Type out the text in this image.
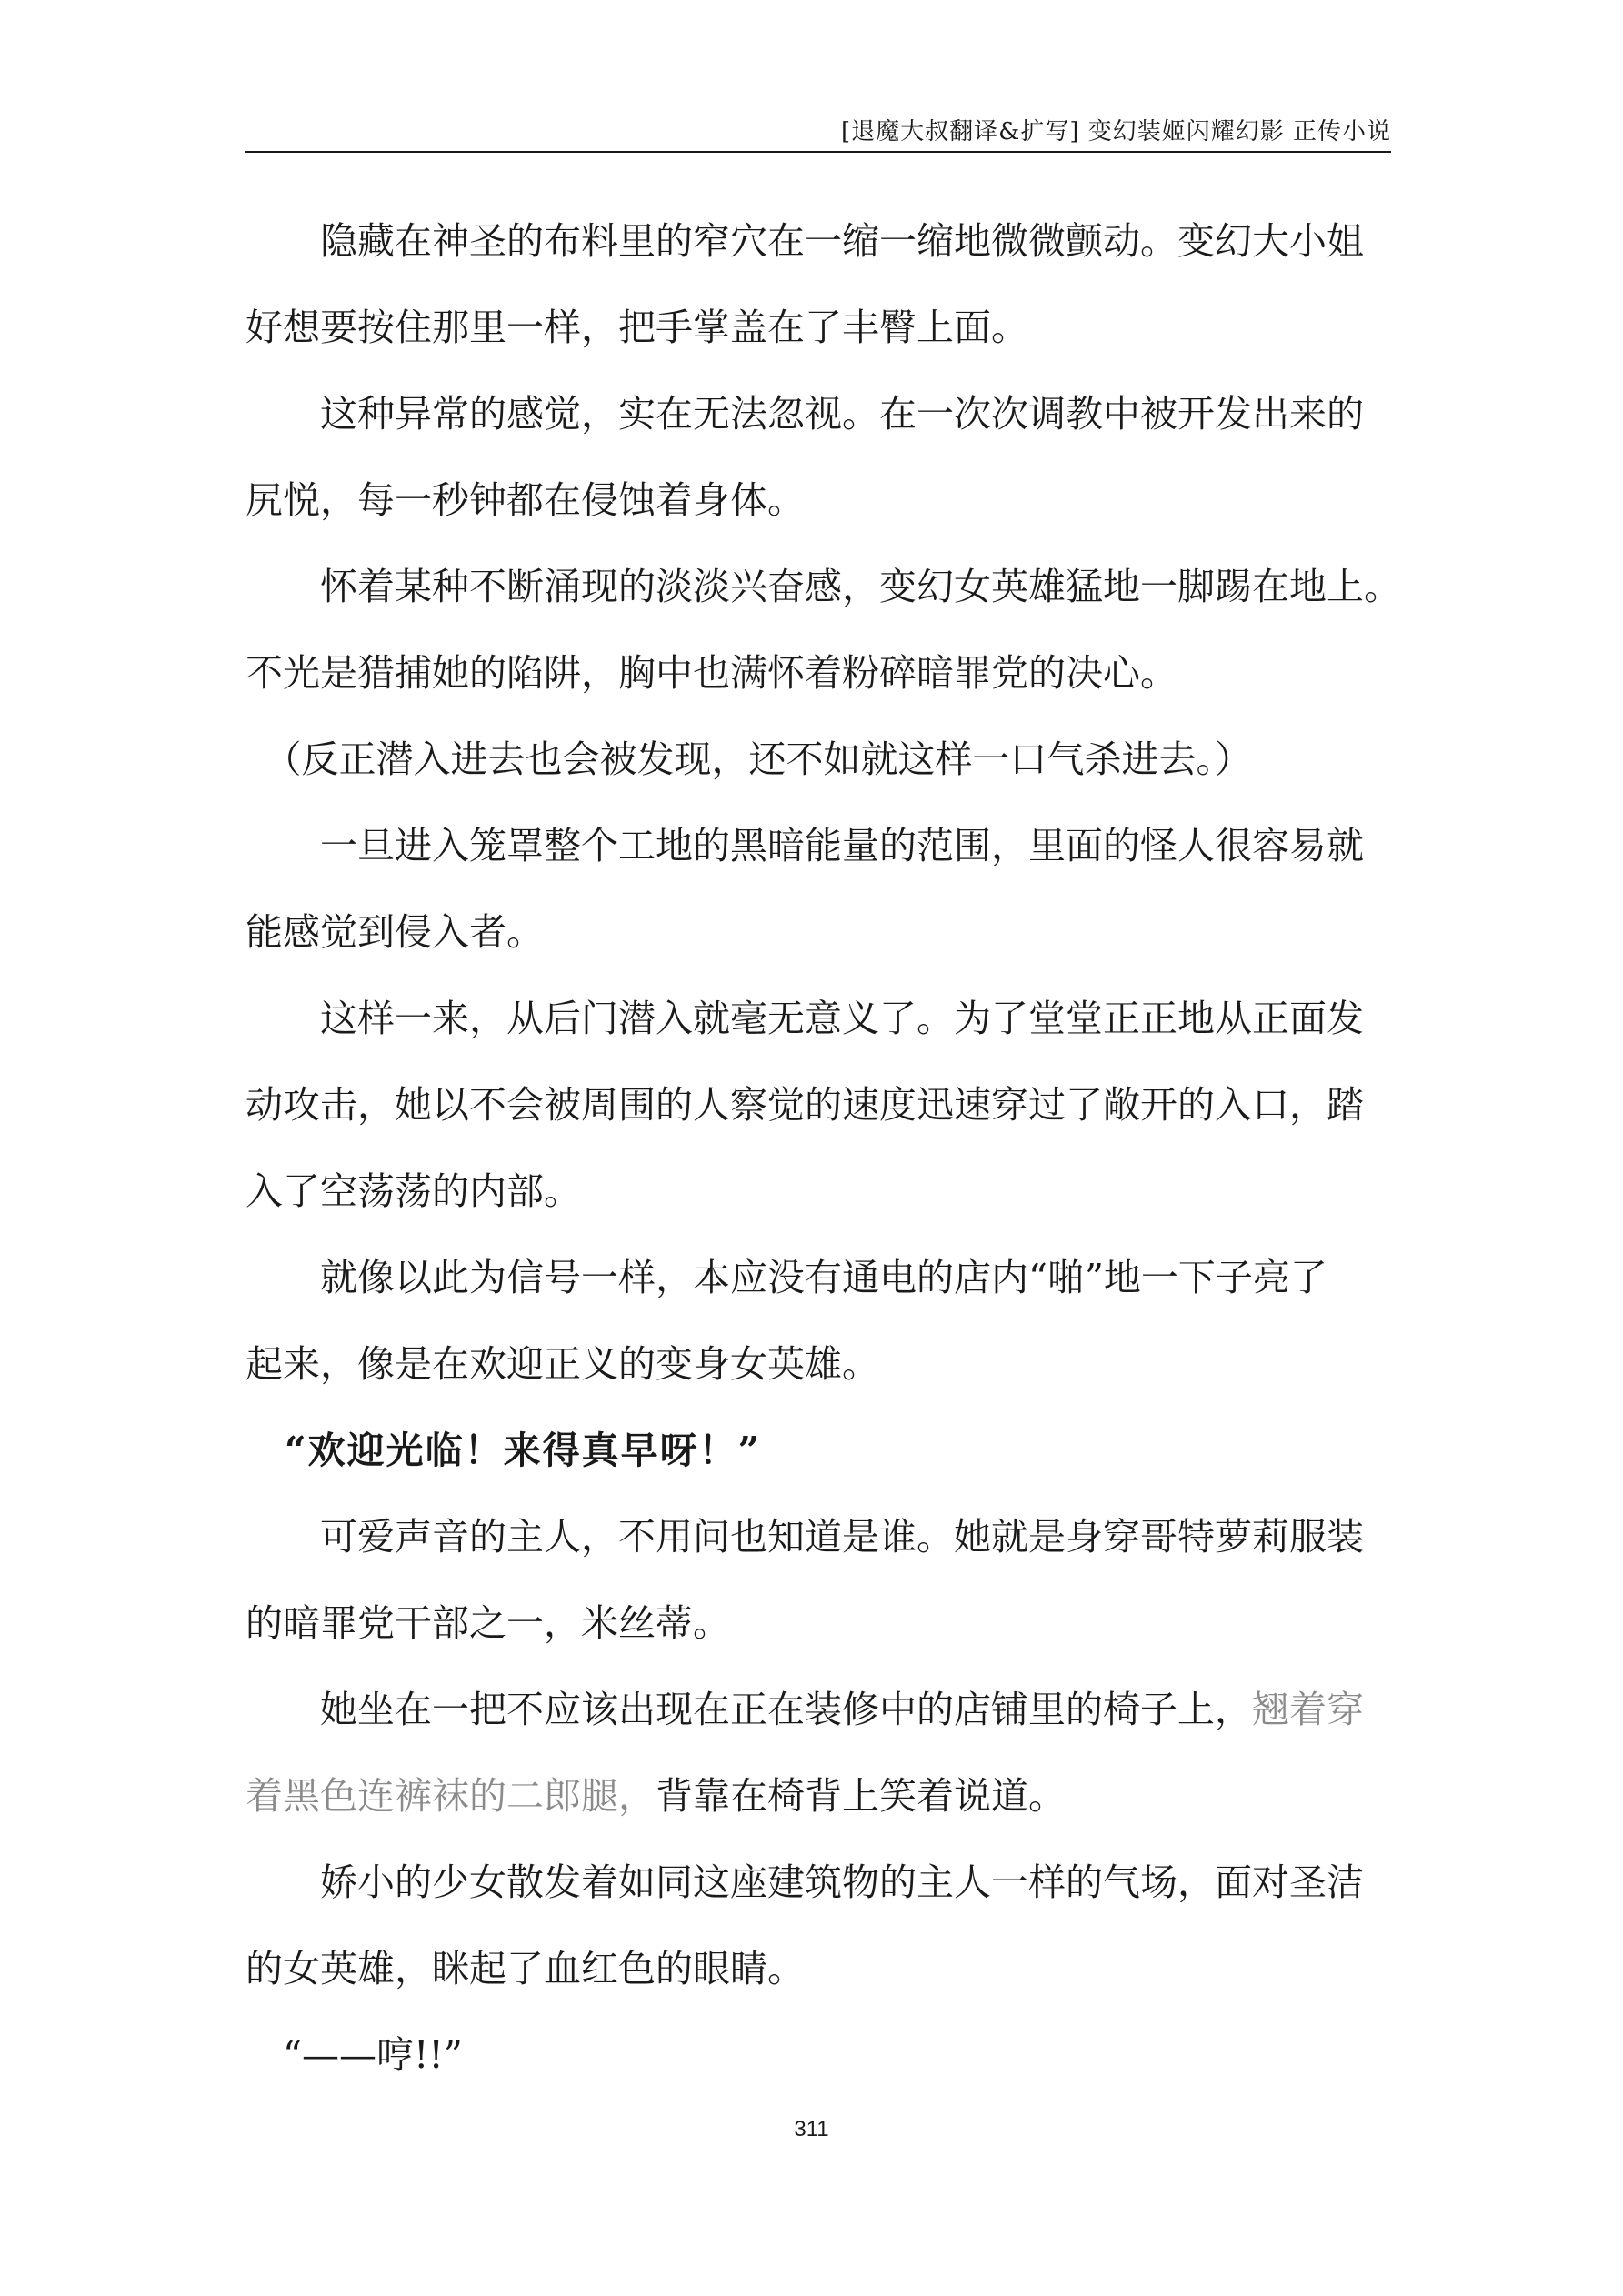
[退魔大叔翻译&扩写] 变幻装姬闪耀幻影 正传小说
　　隐藏在神圣的布料里的窄穴在一缩一缩地微微颤动。变幻大小姐
好想要按住那里一样，把手掌盖在了丰臀上面。
　　这种异常的感觉，实在无法忽视。在一次次调教中被开发出来的
尻悦，每一秒钟都在侵蚀着身体。
　　怀着某种不断涌现的淡淡兴奋感，变幻女英雄猛地一脚踢在地上。
不光是猎捕她的陷阱，胸中也满怀着粉碎暗罪党的决心。
　（反正潜入进去也会被发现，还不如就这样一口气杀进去。）
　　一旦进入笼罩整个工地的黑暗能量的范围，里面的怪人很容易就
能感觉到侵入者。
　　这样一来，从后门潜入就毫无意义了。为了堂堂正正地从正面发
动攻击，她以不会被周围的人察觉的速度迅速穿过了敞开的入口，踏
入了空荡荡的内部。
　　就像以此为信号一样，本应没有通电的店内“啪”地一下子亮了
起来，像是在欢迎正义的变身女英雄。
　“欢迎光临！来得真早呀！”
　　可爱声音的主人，不用问也知道是谁。她就是身穿哥特萝莉服装
的暗罪党干部之一，米丝蒂。
　　她坐在一把不应该出现在正在装修中的店铺里的椅子上，翘着穿
着黑色连裤袜的二郎腿，背靠在椅背上笑着说道。
　　娇小的少女散发着如同这座建筑物的主人一样的气场，面对圣洁
的女英雄，眯起了血红色的眼睛。
　“——哼!!”
311
